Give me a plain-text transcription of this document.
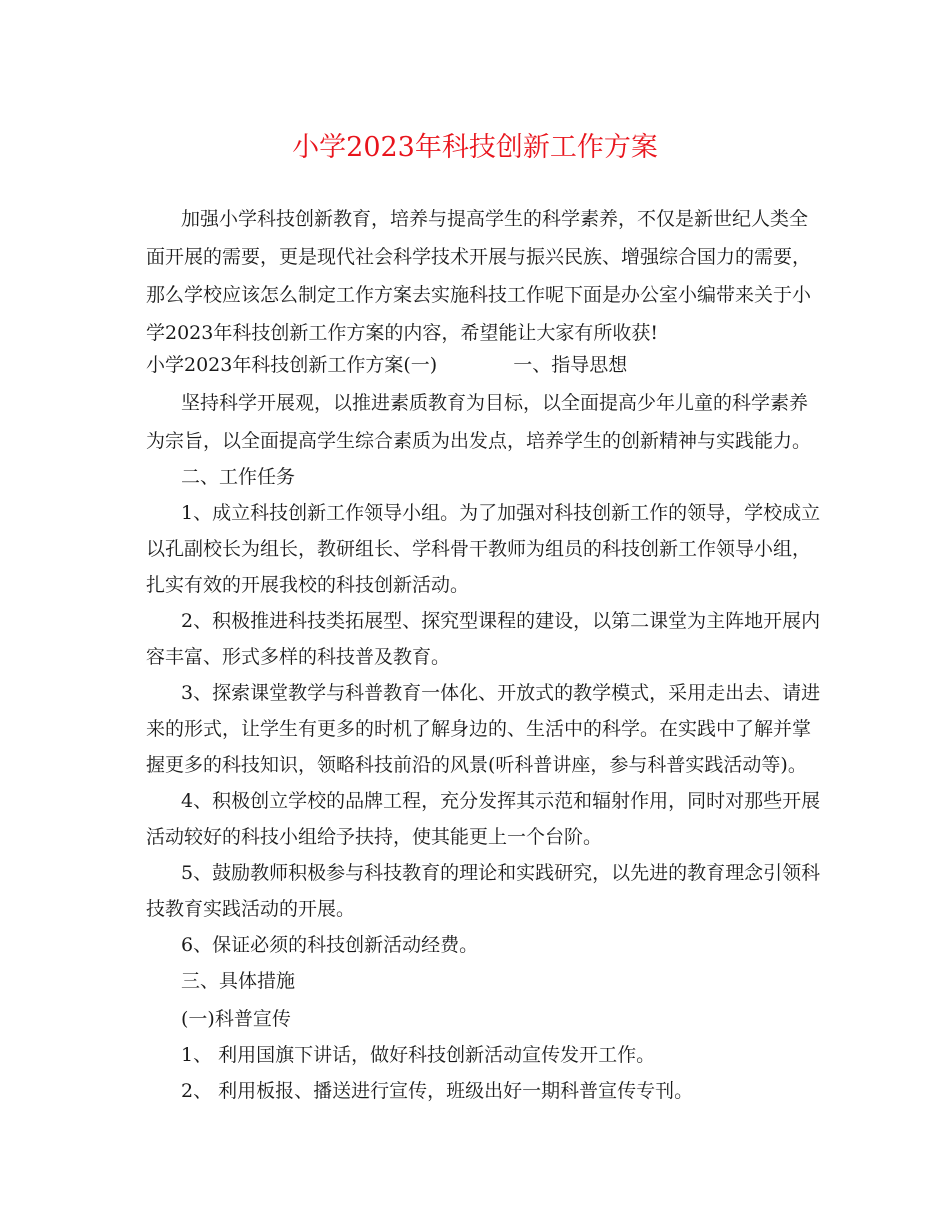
小学2023年科技创新工作方案
加强小学科技创新教育，培养与提高学生的科学素养，不仅是新世纪人类全
面开展的需要，更是现代社会科学技术开展与振兴民族、增强综合国力的需要，
那么学校应该怎么制定工作方案去实施科技工作呢下面是办公室小编带来关于小
学2023年科技创新工作方案的内容，希望能让大家有所收获!
小学2023年科技创新工作方案(一)	一、指导思想
坚持科学开展观，以推进素质教育为目标，以全面提高少年儿童的科学素养
为宗旨，以全面提高学生综合素质为出发点，培养学生的创新精神与实践能力。
二、工作任务
1、成立科技创新工作领导小组。为了加强对科技创新工作的领导，学校成立
以孔副校长为组长，教研组长、学科骨干教师为组员的科技创新工作领导小组，
扎实有效的开展我校的科技创新活动。
2、积极推进科技类拓展型、探究型课程的建设，以第二课堂为主阵地开展内
容丰富、形式多样的科技普及教育。
3、探索课堂教学与科普教育一体化、开放式的教学模式，采用走出去、请进
来的形式，让学生有更多的时机了解身边的、生活中的科学。在实践中了解并掌
握更多的科技知识，领略科技前沿的风景(听科普讲座，参与科普实践活动等)。
4、积极创立学校的品牌工程，充分发挥其示范和辐射作用，同时对那些开展
活动较好的科技小组给予扶持，使其能更上一个台阶。
5、鼓励教师积极参与科技教育的理论和实践研究，以先进的教育理念引领科
技教育实践活动的开展。
6、保证必须的科技创新活动经费。
三、具体措施
(一)科普宣传
1、 利用国旗下讲话，做好科技创新活动宣传发开工作。
2、 利用板报、播送进行宣传，班级出好一期科普宣传专刊。
